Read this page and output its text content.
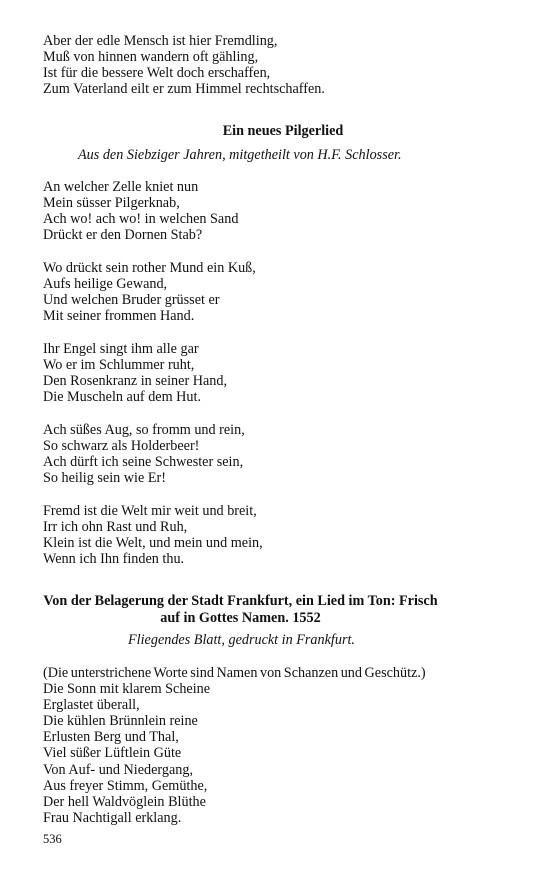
Aber der edle Mensch ist hier Fremdling,
Muß von hinnen wandern oft gähling,
Ist für die bessere Welt doch erschaffen,
Zum Vaterland eilt er zum Himmel rechtschaffen.
Ein neues Pilgerlied
Aus den Siebziger Jahren, mitgetheilt von H.F. Schlosser.
An welcher Zelle kniet nun
Mein süsser Pilgerknab,
Ach wo! ach wo! in welchen Sand
Drückt er den Dornen Stab?
Wo drückt sein rother Mund ein Kuß,
Aufs heilige Gewand,
Und welchen Bruder grüsset er
Mit seiner frommen Hand.
Ihr Engel singt ihm alle gar
Wo er im Schlummer ruht,
Den Rosenkranz in seiner Hand,
Die Muscheln auf dem Hut.
Ach süßes Aug, so fromm und rein,
So schwarz als Holderbeer!
Ach dürft ich seine Schwester sein,
So heilig sein wie Er!
Fremd ist die Welt mir weit und breit,
Irr ich ohn Rast und Ruh,
Klein ist die Welt, und mein und mein,
Wenn ich Ihn finden thu.
Von der Belagerung der Stadt Frankfurt, ein Lied im Ton: Frisch auf in Gottes Namen. 1552
Fliegendes Blatt, gedruckt in Frankfurt.
(Die unterstrichene Worte sind Namen von Schanzen und Geschütz.)
Die Sonn mit klarem Scheine
Erglastet überall,
Die kühlen Brünnlein reine
Erlusten Berg und Thal,
Viel süßer Lüftlein Güte
Von Auf- und Niedergang,
Aus freyer Stimm, Gemüthe,
Der hell Waldvöglein Blüthe
Frau Nachtigall erklang.
536
